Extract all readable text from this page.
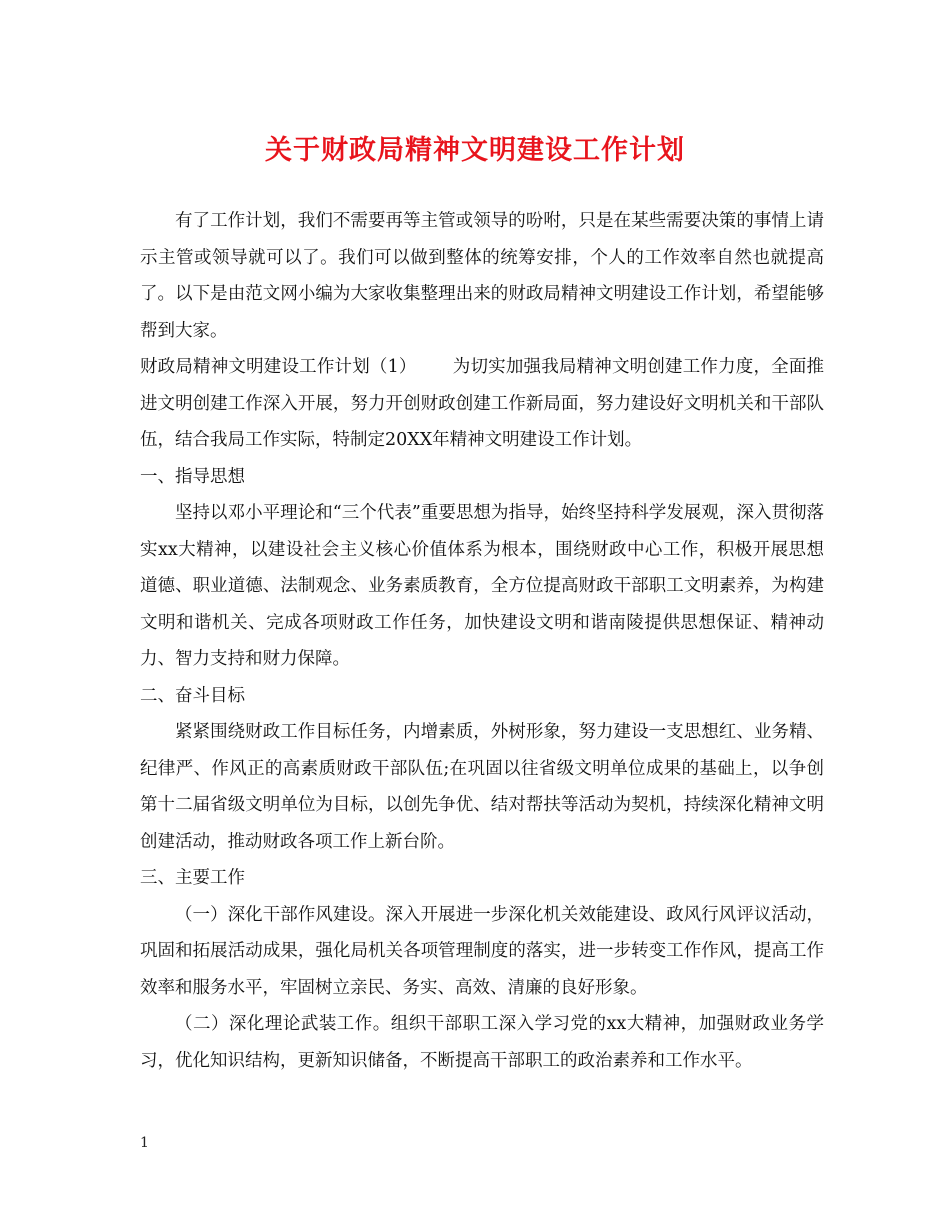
关于财政局精神文明建设工作计划

有了工作计划，我们不需要再等主管或领导的吩咐，只是在某些需要决策的事情上请示主管或领导就可以了。我们可以做到整体的统筹安排，个人的工作效率自然也就提高了。以下是由范文网小编为大家收集整理出来的财政局精神文明建设工作计划，希望能够帮到大家。

财政局精神文明建设工作计划（1） 为切实加强我局精神文明创建工作力度，全面推进文明创建工作深入开展，努力开创财政创建工作新局面，努力建设好文明机关和干部队伍，结合我局工作实际，特制定20XX年精神文明建设工作计划。

一、指导思想

坚持以邓小平理论和“三个代表”重要思想为指导，始终坚持科学发展观，深入贯彻落实xx大精神，以建设社会主义核心价值体系为根本，围绕财政中心工作，积极开展思想道德、职业道德、法制观念、业务素质教育，全方位提高财政干部职工文明素养，为构建文明和谐机关、完成各项财政工作任务，加快建设文明和谐南陵提供思想保证、精神动力、智力支持和财力保障。

二、奋斗目标

紧紧围绕财政工作目标任务，内增素质，外树形象，努力建设一支思想红、业务精、纪律严、作风正的高素质财政干部队伍;在巩固以往省级文明单位成果的基础上，以争创第十二届省级文明单位为目标，以创先争优、结对帮扶等活动为契机，持续深化精神文明创建活动，推动财政各项工作上新台阶。

三、主要工作

（一）深化干部作风建设。深入开展进一步深化机关效能建设、政风行风评议活动，巩固和拓展活动成果，强化局机关各项管理制度的落实，进一步转变工作作风，提高工作效率和服务水平，牢固树立亲民、务实、高效、清廉的良好形象。

（二）深化理论武装工作。组织干部职工深入学习党的xx大精神，加强财政业务学习，优化知识结构，更新知识储备，不断提高干部职工的政治素养和工作水平。

1
